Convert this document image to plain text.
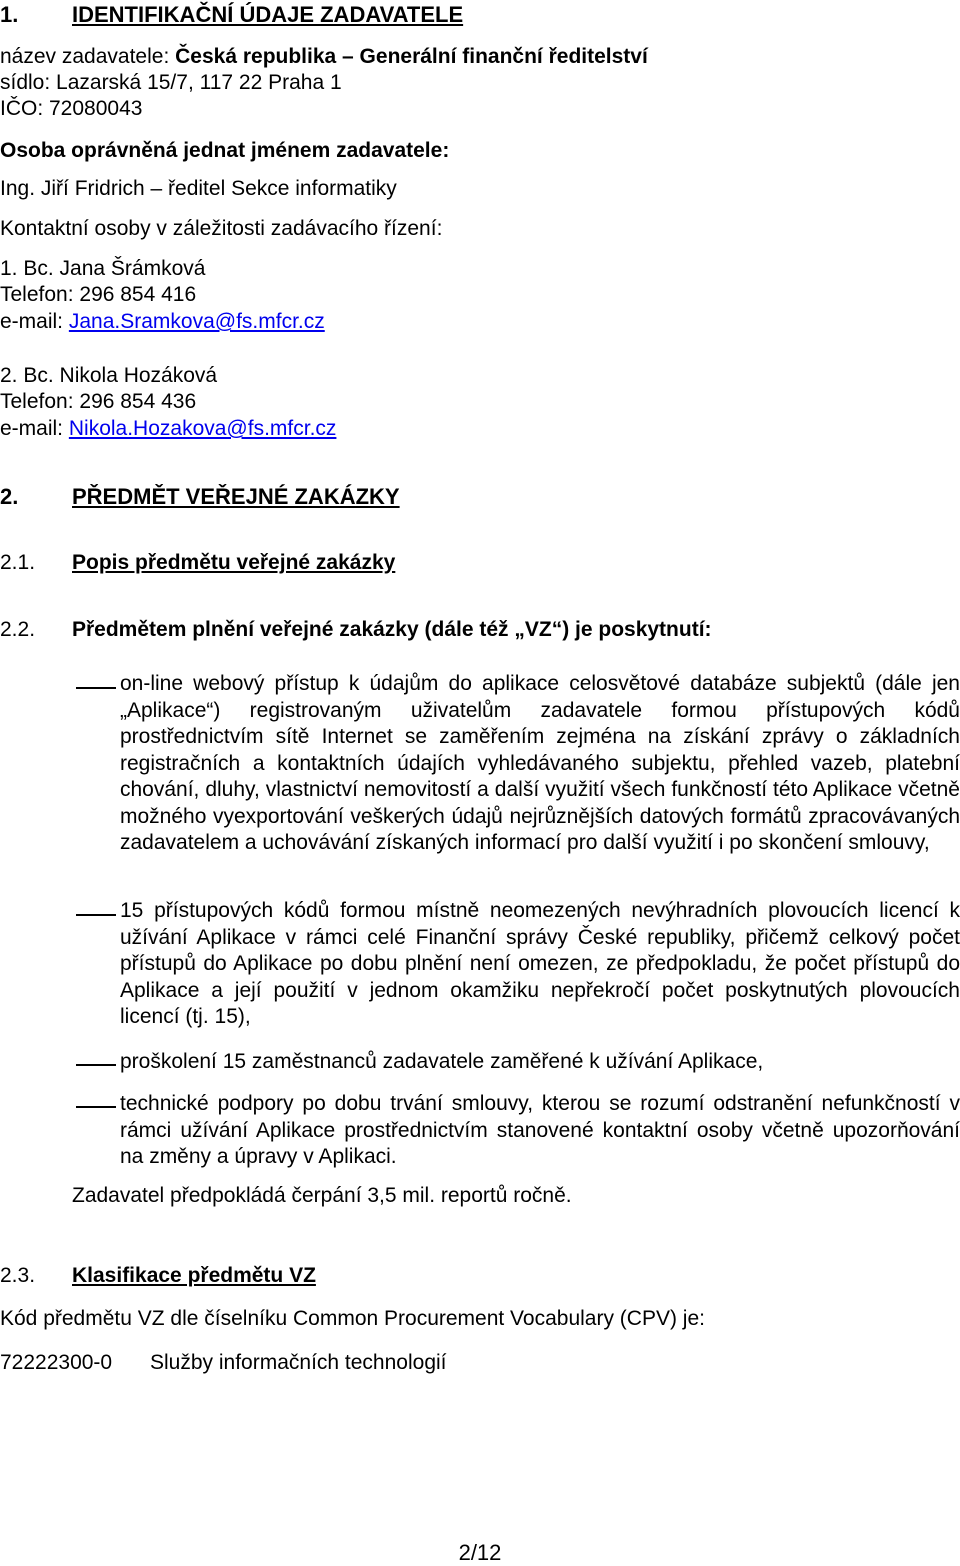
1. IDENTIFIKAČNÍ ÚDAJE ZADAVATELE
název zadavatele: Česká republika – Generální finanční ředitelství
sídlo: Lazarská 15/7, 117 22 Praha 1
IČO: 72080043
Osoba oprávněná jednat jménem zadavatele:
Ing. Jiří Fridrich – ředitel Sekce informatiky
Kontaktní osoby v záležitosti zadávacího řízení:
1. Bc. Jana Šrámková
Telefon: 296 854 416
e-mail: Jana.Sramkova@fs.mfcr.cz
2. Bc. Nikola Hozáková
Telefon: 296 854 436
e-mail: Nikola.Hozakova@fs.mfcr.cz
2. PŘEDMĚT VEŘEJNÉ ZAKÁZKY
2.1. Popis předmětu veřejné zakázky
2.2. Předmětem plnění veřejné zakázky (dále též „VZ“) je poskytnutí:
on-line webový přístup k údajům do aplikace celosvětové databáze subjektů (dále jen „Aplikace“) registrovaným uživatelům zadavatele formou přístupových kódů prostřednictvím sítě Internet se zaměřením zejména na získání zprávy o základních registračních a kontaktních údajích vyhledávaného subjektu, přehled vazeb, platební chování, dluhy, vlastnictví nemovitostí a další využití všech funkčností této Aplikace včetně možného vyexportování veškerých údajů nejrůznějších datových formátů zpracovávaných zadavatelem a uchovávání získaných informací pro další využití i po skončení smlouvy,
15 přístupových kódů formou místně neomezených nevýhradních plovoucích licencí k užívání Aplikace v rámci celé Finanční správy České republiky, přičemž celkový počet přístupů do Aplikace po dobu plnění není omezen, ze předpokladu, že počet přístupů do Aplikace a její použití v jednom okamžiku nepřekročí počet poskytnutých plovoucích licencí (tj. 15),
proškolení 15 zaměstnanců zadavatele zaměřené k užívání Aplikace,
technické podpory po dobu trvání smlouvy, kterou se rozumí odstranění nefunkčností v rámci užívání Aplikace prostřednictvím stanovené kontaktní osoby včetně upozorňování na změny a úpravy v Aplikaci.
Zadavatel předpokládá čerpání 3,5 mil. reportů ročně.
2.3. Klasifikace předmětu VZ
Kód předmětu VZ dle číselníku Common Procurement Vocabulary (CPV) je:
72222300-0 Služby informačních technologií
2/12
